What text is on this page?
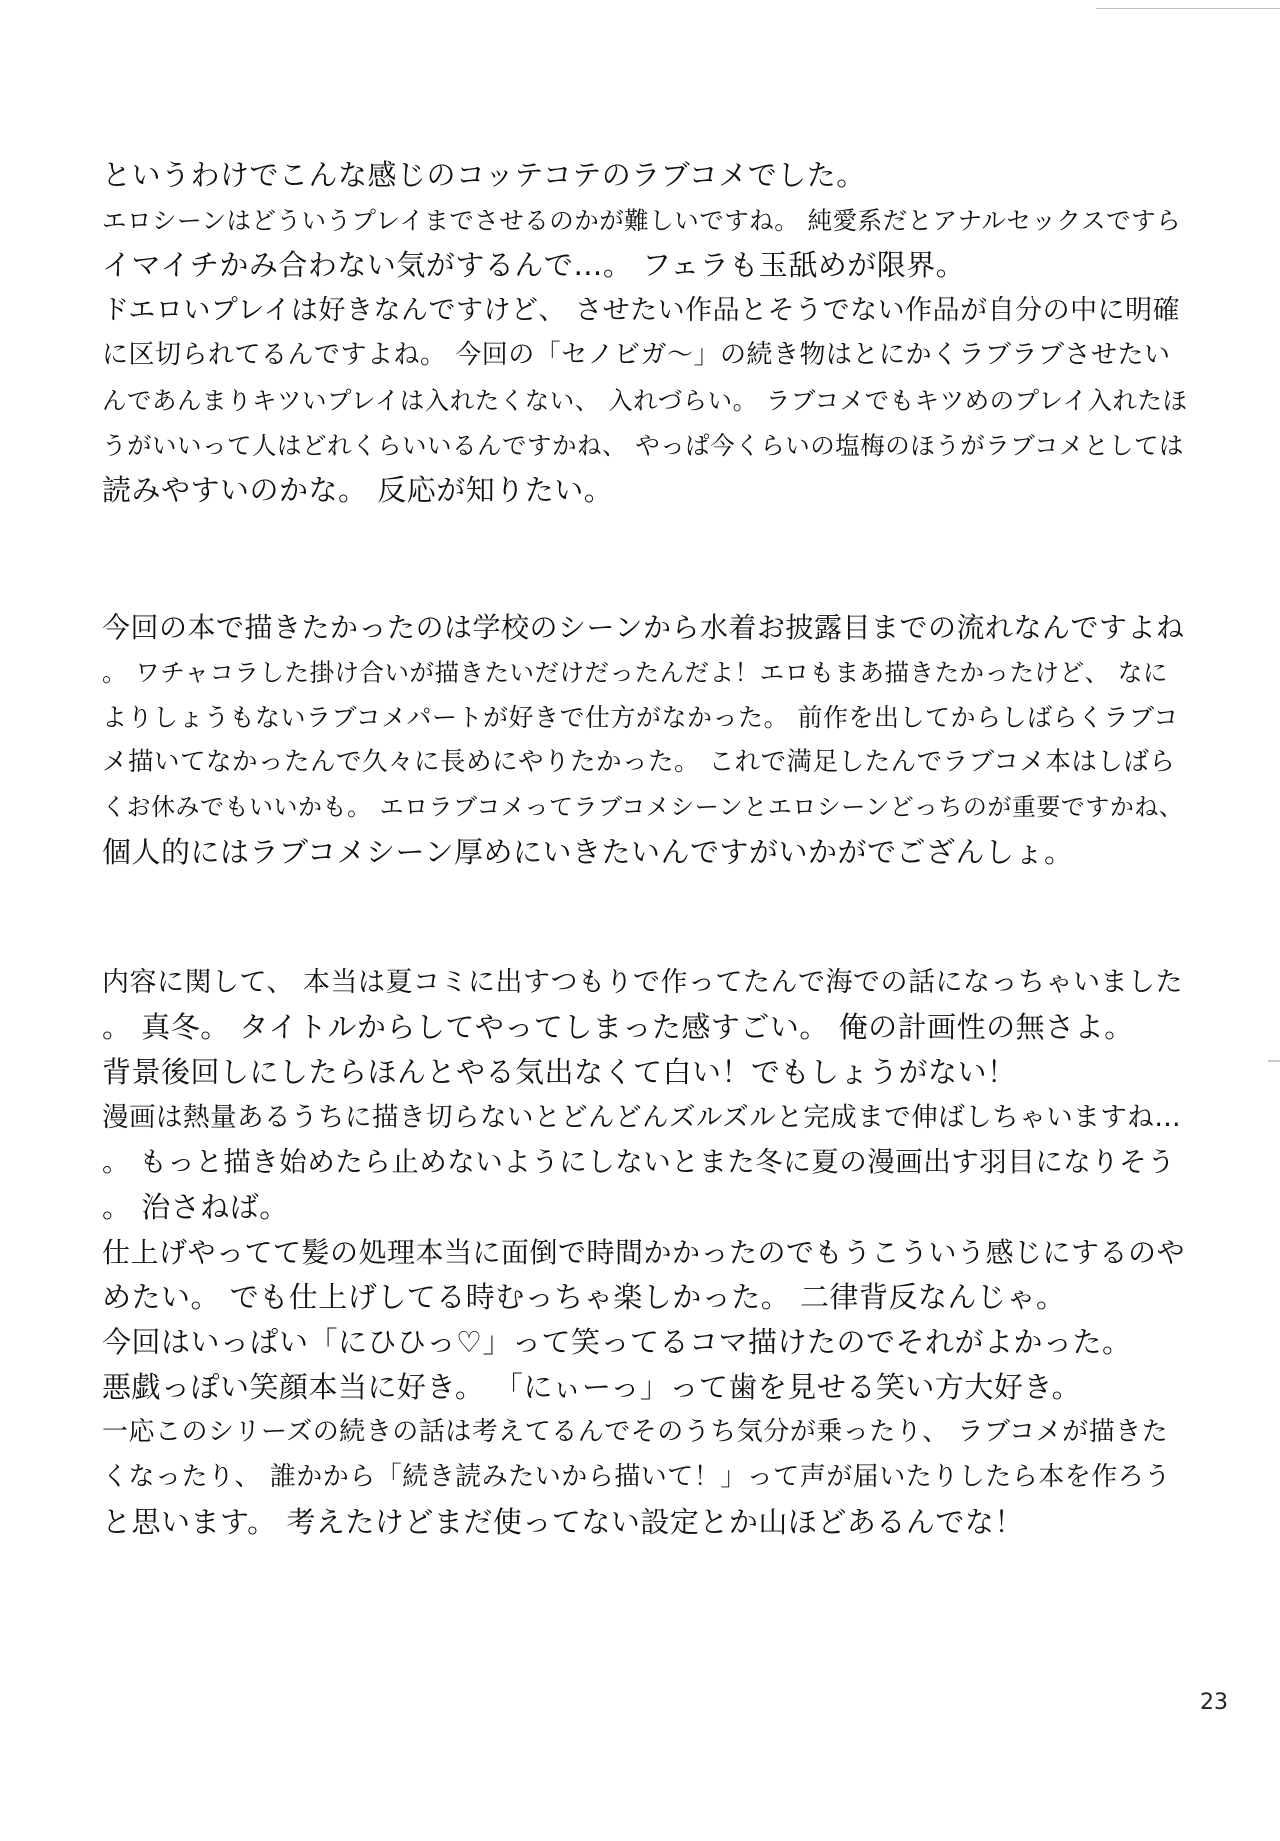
というわけでこんな感じのコッテコテのラブコメでした。
エロシーンはどういうプレイまでさせるのかが難しいですね。 純愛系だとアナルセックスですら
イマイチかみ合わない気がするんで…。 フェラも玉舐めが限界。
ドエロいプレイは好きなんですけど、 させたい作品とそうでない作品が自分の中に明確
に区切られてるんですよね。 今回の「セノビガ～」の続き物はとにかくラブラブさせたい
んであんまりキツいプレイは入れたくない、 入れづらい。 ラブコメでもキツめのプレイ入れたほ
うがいいって人はどれくらいいるんですかね、 やっぱ今くらいの塩梅のほうがラブコメとしては
読みやすいのかな。 反応が知りたい。
今回の本で描きたかったのは学校のシーンから水着お披露目までの流れなんですよね
。 ワチャコラした掛け合いが描きたいだけだったんだよ！エロもまあ描きたかったけど、 なに
よりしょうもないラブコメパートが好きで仕方がなかった。 前作を出してからしばらくラブコ
メ描いてなかったんで久々に長めにやりたかった。 これで満足したんでラブコメ本はしばら
くお休みでもいいかも。 エロラブコメってラブコメシーンとエロシーンどっちのが重要ですかね、
個人的にはラブコメシーン厚めにいきたいんですがいかがでござんしょ。
内容に関して、 本当は夏コミに出すつもりで作ってたんで海での話になっちゃいました
。 真冬。 タイトルからしてやってしまった感すごい。 俺の計画性の無さよ。
背景後回しにしたらほんとやる気出なくて白い！でもしょうがない！
漫画は熱量あるうちに描き切らないとどんどんズルズルと完成まで伸ばしちゃいますね…
。 もっと描き始めたら止めないようにしないとまた冬に夏の漫画出す羽目になりそう
。 治さねば。
仕上げやってて髪の処理本当に面倒で時間かかったのでもうこういう感じにするのや
めたい。 でも仕上げしてる時むっちゃ楽しかった。 二律背反なんじゃ。
今回はいっぱい「にひひっ♡」って笑ってるコマ描けたのでそれがよかった。
悪戯っぽい笑顔本当に好き。 「にぃーっ」って歯を見せる笑い方大好き。
一応このシリーズの続きの話は考えてるんでそのうち気分が乗ったり、 ラブコメが描きた
くなったり、 誰かから「続き読みたいから描いて！」って声が届いたりしたら本を作ろう
と思います。 考えたけどまだ使ってない設定とか山ほどあるんでな！
23
